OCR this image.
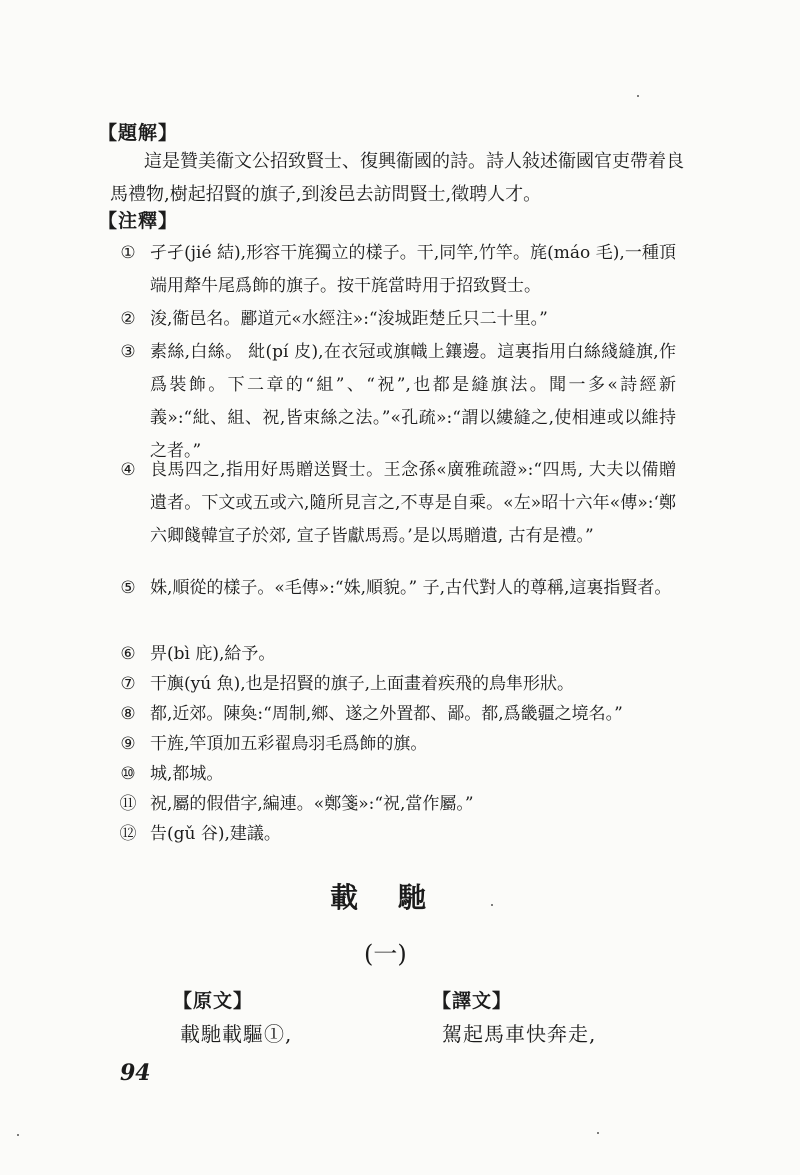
【題解】
這是贊美衞文公招致賢士、復興衞國的詩。詩人敍述衞國官吏帶着良馬禮物,樹起招賢的旗子,到浚邑去訪問賢士,徵聘人才。
【注釋】
① 孑孑(jié 結),形容干旄獨立的樣子。干,同竿,竹竿。旄(máo 毛),一種頂端用犛牛尾爲飾的旗子。按干旄當時用于招致賢士。
② 浚,衞邑名。酈道元«水經注»:“浚城距楚丘只二十里。”
③ 素絲,白絲。 紕(pí 皮),在衣冠或旗幟上鑲邊。這裏指用白絲綫縫旗,作爲裝飾。下二章的“組”、“祝”,也都是縫旗法。聞一多«詩經新義»:“紕、組、祝,皆束絲之法。”«孔疏»:“謂以縷縫之,使相連或以維持之者。”
④ 良馬四之,指用好馬贈送賢士。王念孫«廣雅疏證»:“四馬, 大夫以備贈遺者。下文或五或六,隨所見言之,不専是自乘。«左»昭十六年«傳»:‘鄭六卿餞韓宣子於郊, 宣子皆獻馬焉。’是以馬贈遺, 古有是禮。”
⑤ 姝,順從的樣子。«毛傳»:“姝,順貌。” 子,古代對人的尊稱,這裏指賢者。
⑥ 畀(bì 庇),給予。
⑦ 干旟(yú 魚),也是招賢的旗子,上面畫着疾飛的鳥隼形狀。
⑧ 都,近郊。陳奐:“周制,鄉、遂之外置都、鄙。都,爲畿疆之境名。”
⑨ 干旌,竿頂加五彩翟鳥羽毛爲飾的旗。
⑩ 城,都城。
⑪ 祝,屬的假借字,編連。«鄭箋»:“祝,當作屬。”
⑫ 告(gǔ 谷),建議。
載馳
(一)
【原文】	【譯文】
載馳載驅①,	駕起馬車快奔走,
94
